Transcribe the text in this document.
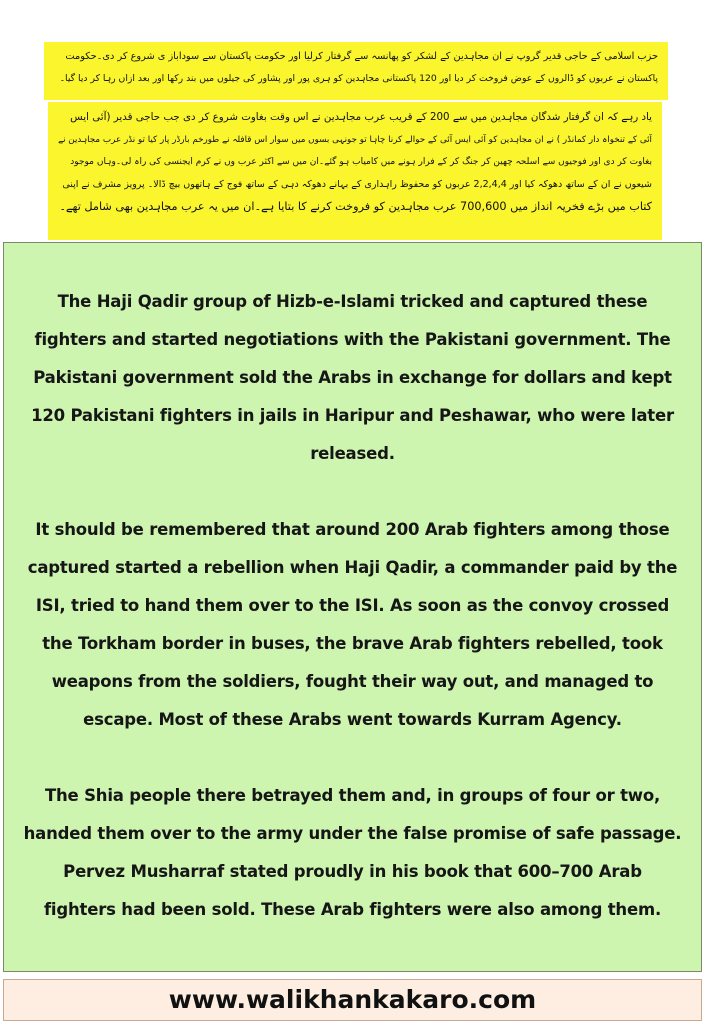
حزب اسلامی کے حاجی قدیر گروپ نے ان مجاہدین کے لشکر کو پھانسہ سے گرفتار کرلیا اور حکومت پاکستان سے سوداباز ی شروع کر دی۔حکومت
پاکستان نے عربوں کو ڈالروں کے عوض فروخت کر دیا اور 120 پاکستانی مجاہدین کو ہری پور اور پشاور کی جیلوں میں بند رکھا اور بعد ازاں رہا کر دیا گیا۔
یاد رہے کہ ان گرفتار شدگان مجاہدین میں سے 200 کے قریب عرب مجاہدین نے اس وقت بغاوت شروع کر دی جب حاجی قدیر (آئی ایس
آئی کے تنخواہ دار کمانڈر ) نے ان مجاہدین کو آئی ایس آئی کے حوالے کرنا چاہا تو جونہی بسوں میں سوار اس قافلہ نے طورخم بارڈر پار کیا تو نڈر عرب مجاہدین نے
بغاوت کر دی اور فوجیوں سے اسلحہ چھین کر جنگ کر کے فرار ہونے میں کامیاب ہو گئے۔ان میں سے اکثر عرب وں نے کرم ایجنسی کی راہ لی۔وہاں موجود
شیعوں نے ان کے ساتھ دھوکہ کیا اور 2,2,4,4 عربوں کو محفوظ راہداری کے بہانے دھوکہ دہی کے ساتھ فوج کے ہاتھوں بیچ ڈالا۔ پرویز مشرف نے اپنی
کتاب میں بڑے فخریہ انداز میں 700,600 عرب مجاہدین کو فروخت کرنے کا بتایا ہے۔ان میں یہ عرب مجاہدین بھی شامل تھے۔

The Haji Qadir group of Hizb-e-Islami tricked and captured these
fighters and started negotiations with the Pakistani government. The
Pakistani government sold the Arabs in exchange for dollars and kept
120 Pakistani fighters in jails in Haripur and Peshawar, who were later
released.

It should be remembered that around 200 Arab fighters among those
captured started a rebellion when Haji Qadir, a commander paid by the
ISI, tried to hand them over to the ISI. As soon as the convoy crossed
the Torkham border in buses, the brave Arab fighters rebelled, took
weapons from the soldiers, fought their way out, and managed to
escape. Most of these Arabs went towards Kurram Agency.

The Shia people there betrayed them and, in groups of four or two,
handed them over to the army under the false promise of safe passage.
Pervez Musharraf stated proudly in his book that 600–700 Arab
fighters had been sold. These Arab fighters were also among them.

www.walikhankakaro.com
